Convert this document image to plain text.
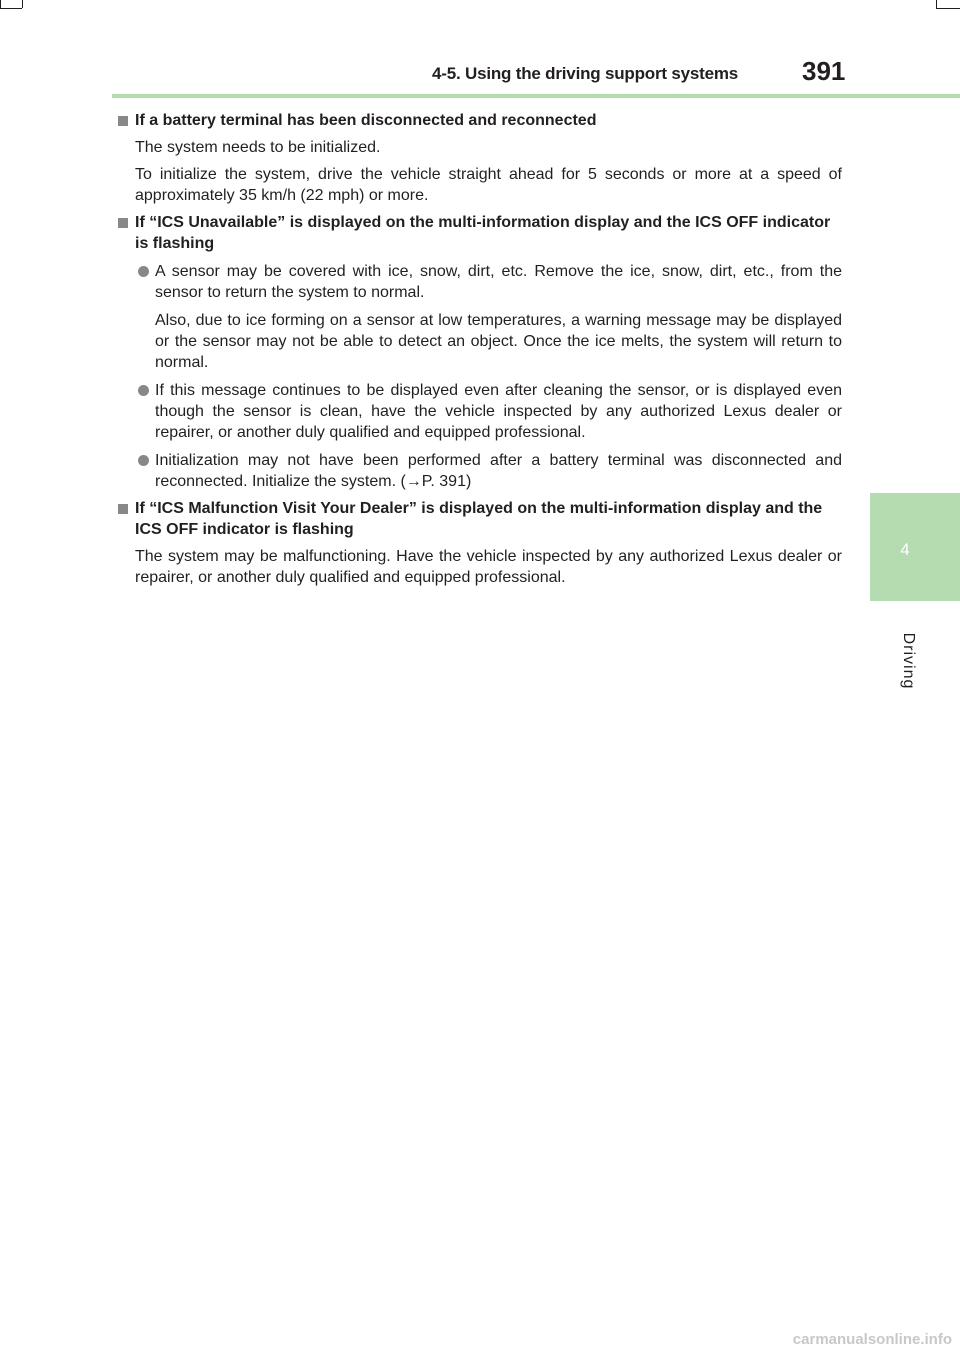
4-5. Using the driving support systems 391
4
Driving
If a battery terminal has been disconnected and reconnected

The system needs to be initialized.

To initialize the system, drive the vehicle straight ahead for 5 seconds or more at a speed of approximately 35 km/h (22 mph) or more.

If “ICS Unavailable” is displayed on the multi-information display and the ICS OFF indicator is flashing

A sensor may be covered with ice, snow, dirt, etc. Remove the ice, snow, dirt, etc., from the sensor to return the system to normal.

Also, due to ice forming on a sensor at low temperatures, a warning message may be displayed or the sensor may not be able to detect an object. Once the ice melts, the system will return to normal.

If this message continues to be displayed even after cleaning the sensor, or is displayed even though the sensor is clean, have the vehicle inspected by any authorized Lexus dealer or repairer, or another duly qualified and equipped professional.

Initialization may not have been performed after a battery terminal was disconnected and reconnected. Initialize the system. (→P. 391)

If “ICS Malfunction Visit Your Dealer” is displayed on the multi-information display and the ICS OFF indicator is flashing

The system may be malfunctioning. Have the vehicle inspected by any authorized Lexus dealer or repairer, or another duly qualified and equipped professional.

carmanualsonline.info
